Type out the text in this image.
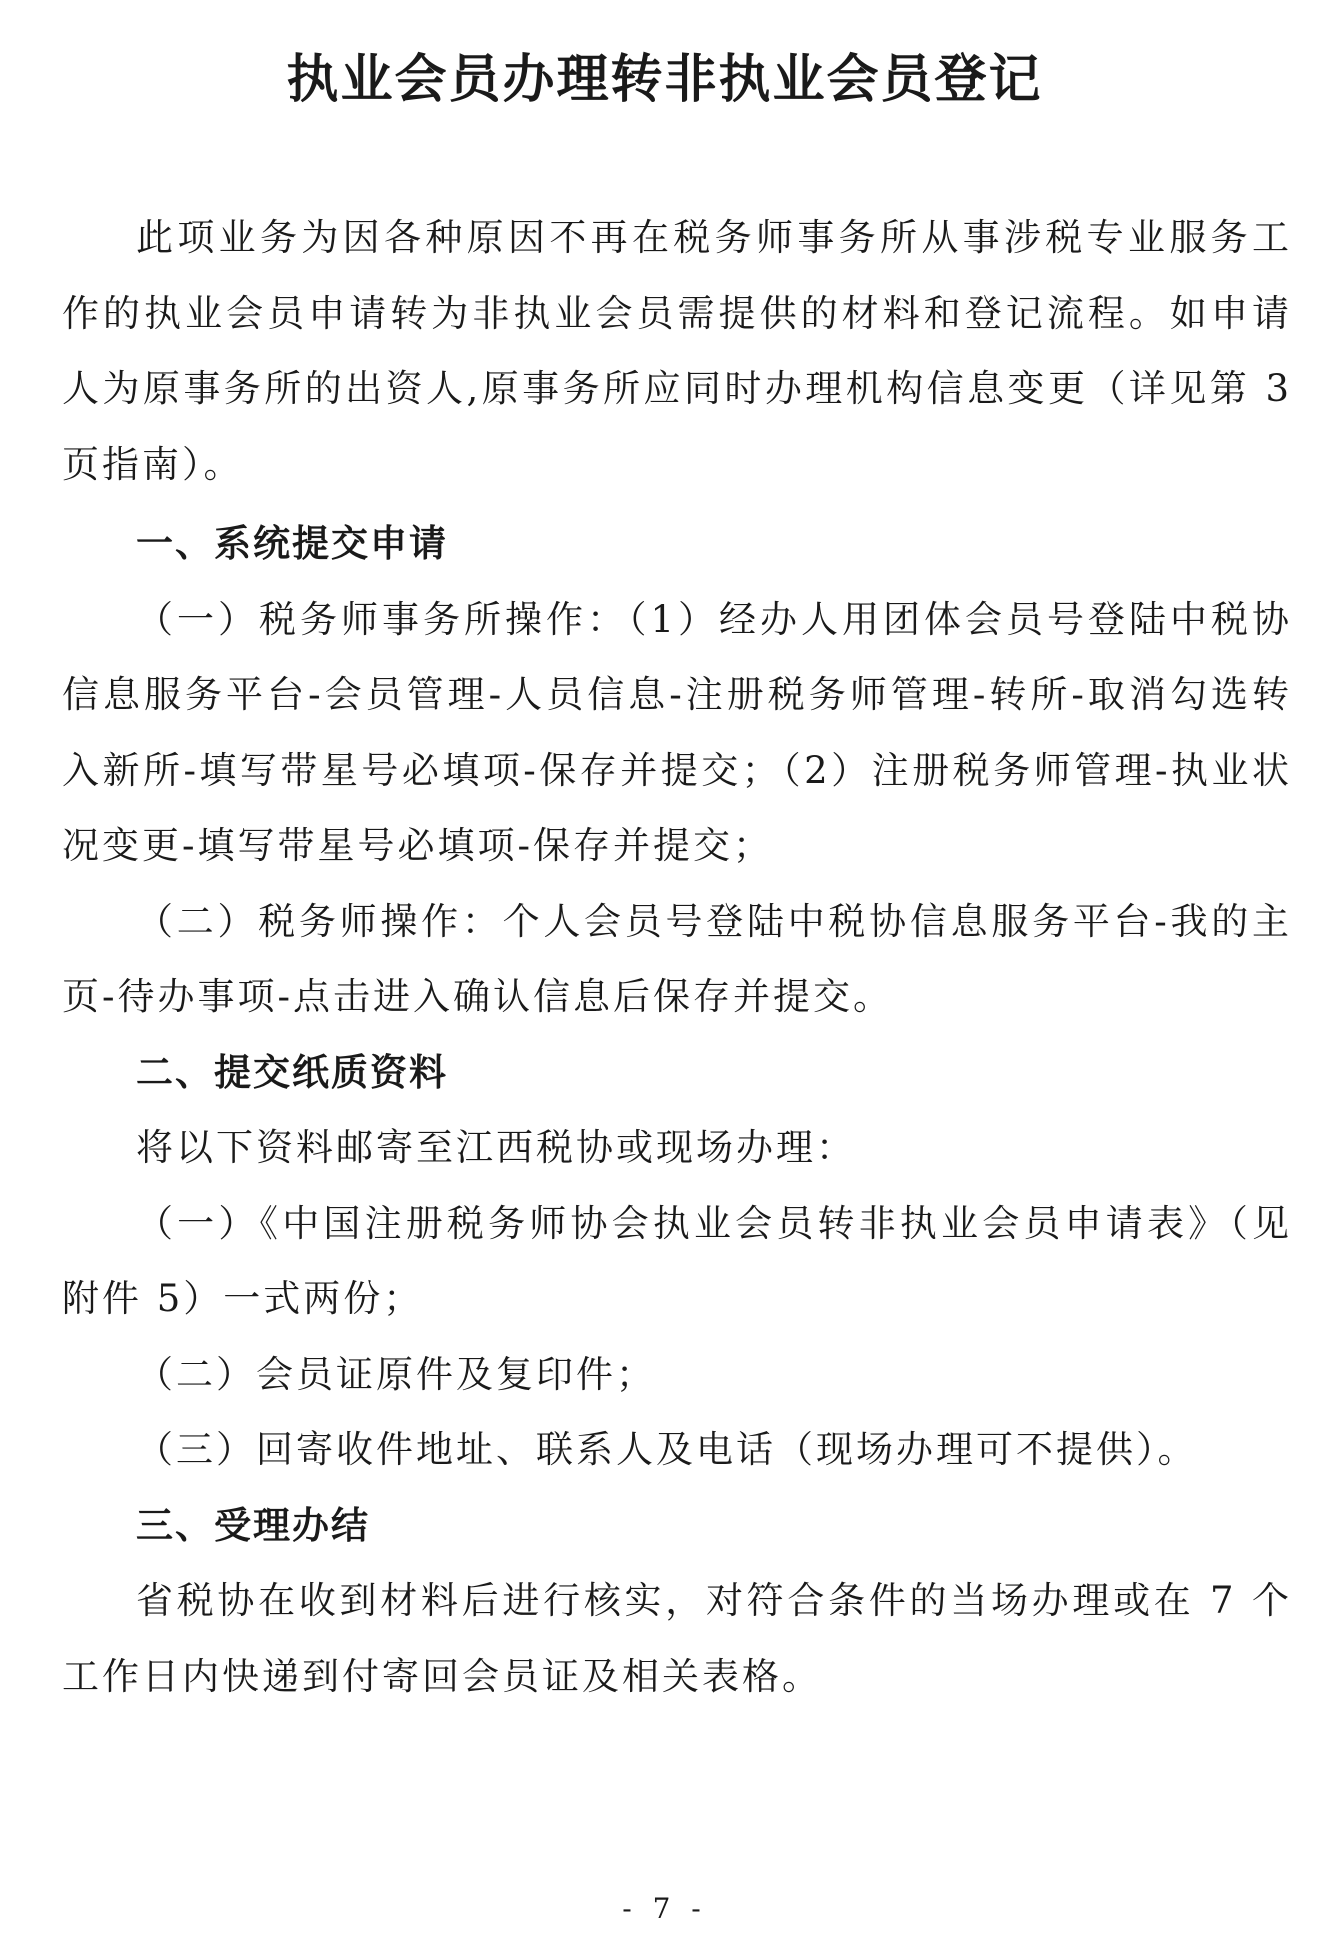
执业会员办理转非执业会员登记

此项业务为因各种原因不再在税务师事务所从事涉税专业服务工作的执业会员申请转为非执业会员需提供的材料和登记流程。如申请人为原事务所的出资人,原事务所应同时办理机构信息变更（详见第 3 页指南）。

一、系统提交申请

（一）税务师事务所操作：（1）经办人用团体会员号登陆中税协信息服务平台-会员管理-人员信息-注册税务师管理-转所-取消勾选转入新所-填写带星号必填项-保存并提交；（2）注册税务师管理-执业状况变更-填写带星号必填项-保存并提交；

（二）税务师操作：个人会员号登陆中税协信息服务平台-我的主页-待办事项-点击进入确认信息后保存并提交。

二、提交纸质资料

将以下资料邮寄至江西税协或现场办理：

（一）《中国注册税务师协会执业会员转非执业会员申请表》（见附件 5）一式两份；

（二）会员证原件及复印件；

（三）回寄收件地址、联系人及电话（现场办理可不提供）。

三、受理办结

省税协在收到材料后进行核实，对符合条件的当场办理或在 7 个工作日内快递到付寄回会员证及相关表格。

- 7 -
